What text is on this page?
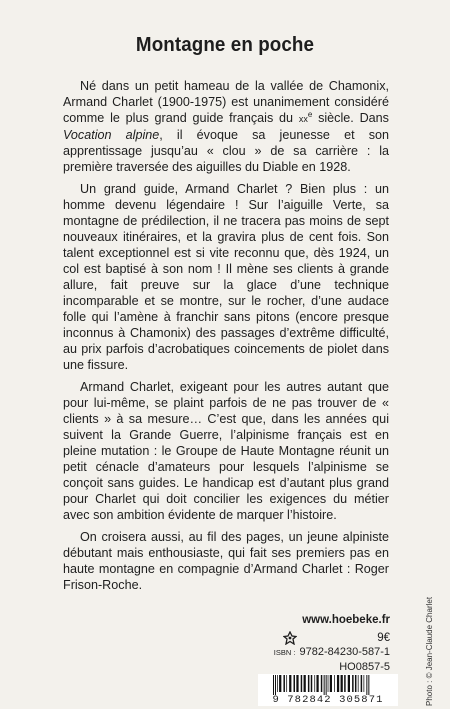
Montagne en poche

Né dans un petit hameau de la vallée de Chamonix, Armand Charlet (1900-1975) est unanimement considéré comme le plus grand guide français du $xx^e$ siècle. Dans Vocation alpine, il évoque sa jeunesse et son apprentissage jusqu’au « clou » de sa carrière : la première traversée des aiguilles du Diable en 1928.

Un grand guide, Armand Charlet ? Bien plus : un homme devenu légendaire ! Sur l’aiguille Verte, sa montagne de prédilection, il ne tracera pas moins de sept nouveaux itinéraires, et la gravira plus de cent fois. Son talent exceptionnel est si vite reconnu que, dès 1924, un col est baptisé à son nom ! Il mène ses clients à grande allure, fait preuve sur la glace d’une technique incomparable et se montre, sur le rocher, d’une audace folle qui l’amène à franchir sans pitons (encore presque inconnus à Chamonix) des passages d’extrême difficulté, au prix parfois d’acrobatiques coincements de piolet dans une fissure.

Armand Charlet, exigeant pour les autres autant que pour lui-même, se plaint parfois de ne pas trouver de « clients » à sa mesure… C’est que, dans les années qui suivent la Grande Guerre, l’alpinisme français est en pleine mutation : le Groupe de Haute Montagne réunit un petit cénacle d’amateurs pour lesquels l’alpinisme se conçoit sans guides. Le handicap est d’autant plus grand pour Charlet qui doit concilier les exigences du métier avec son ambition évidente de marquer l’histoire.

On croisera aussi, au fil des pages, un jeune alpiniste débutant mais enthousiaste, qui fait ses premiers pas en haute montagne en compagnie d’Armand Charlet : Roger Frison-Roche.

www.hoebeke.fr
9€
ISBN : 9782-84230-587-1
HO0857-5
9 782842 305871	Photo : © Jean-Claude Charlet
